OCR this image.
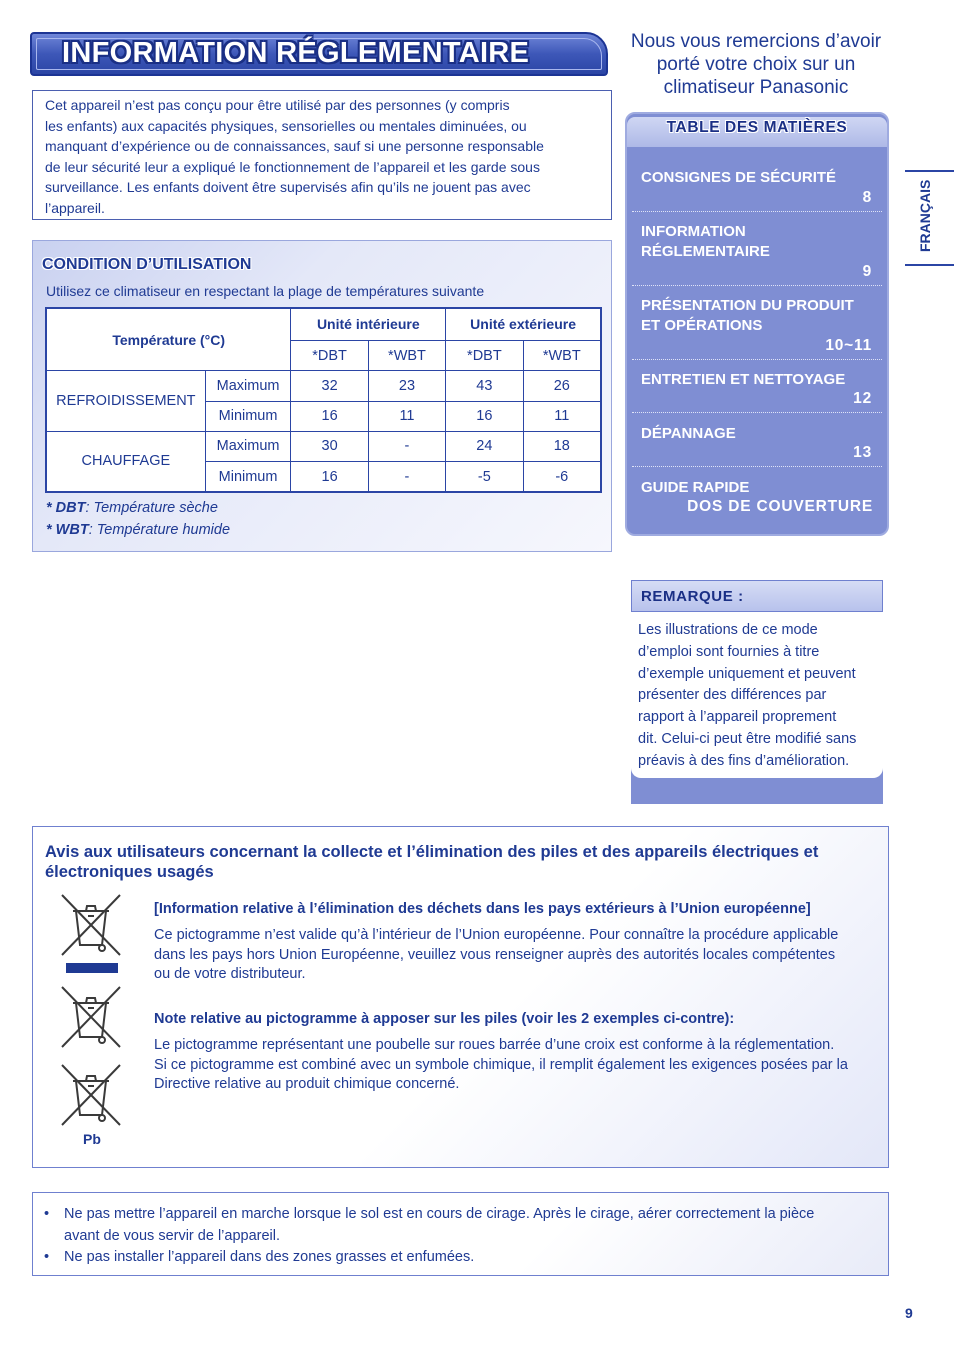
INFORMATION RÉGLEMENTAIRE	Nous vous remercions d’avoir porté votre choix sur un climatiseur Panasonic
Cet appareil n’est pas conçu pour être utilisé par des personnes (y compris
les enfants) aux capacités physiques, sensorielles ou mentales diminuées, ou
manquant d’expérience ou de connaissances, sauf si une personne responsable
de leur sécurité leur a expliqué le fonctionnement de l’appareil et les garde sous
surveillance. Les enfants doivent être supervisés afin qu’ils ne jouent pas avec
l’appareil.
CONDITION D’UTILISATION
Utilisez ce climatiseur en respectant la plage de températures suivante
Température (°C)		Unité intérieure		Unité extérieure	
		*DBT	*WBT	*DBT	*WBT
REFROIDISSEMENT	Maximum	32	23	43	26
	Minimum	16	11	16	11
CHAUFFAGE	Maximum	30	-	24	18
	Minimum	16	-	-5	-6
* DBT: Température sèche
* WBT: Température humide
TABLE DES MATIÈRES
CONSIGNES DE SÉCURITÉ
8
INFORMATION
RÉGLEMENTAIRE
9
PRÉSENTATION DU PRODUIT
ET OPÉRATIONS
10~11
ENTRETIEN ET NETTOYAGE
12
DÉPANNAGE
13
GUIDE RAPIDE
DOS DE COUVERTURE
FRANÇAIS
REMARQUE :
Les illustrations de ce mode
d’emploi sont fournies à titre
d’exemple uniquement et peuvent
présenter des différences par
rapport à l’appareil proprement
dit. Celui-ci peut être modifié sans
préavis à des fins d’amélioration.
Avis aux utilisateurs concernant la collecte et l’élimination des piles et des appareils électriques et électroniques usagés
Pb
[Information relative à l’élimination des déchets dans les pays extérieurs à l’Union européenne]
Ce pictogramme n’est valide qu’à l’intérieur de l’Union européenne. Pour connaître la procédure applicable
dans les pays hors Union Européenne, veuillez vous renseigner auprès des autorités locales compétentes
ou de votre distributeur.
Note relative au pictogramme à apposer sur les piles (voir les 2 exemples ci-contre):
Le pictogramme représentant une poubelle sur roues barrée d’une croix est conforme à la réglementation.
Si ce pictogramme est combiné avec un symbole chimique, il remplit également les exigences posées par la
Directive relative au produit chimique concerné.
• Ne pas mettre l’appareil en marche lorsque le sol est en cours de cirage. Après le cirage, aérer correctement la pièce
avant de vous servir de l’appareil.
• Ne pas installer l’appareil dans des zones grasses et enfumées.
9
